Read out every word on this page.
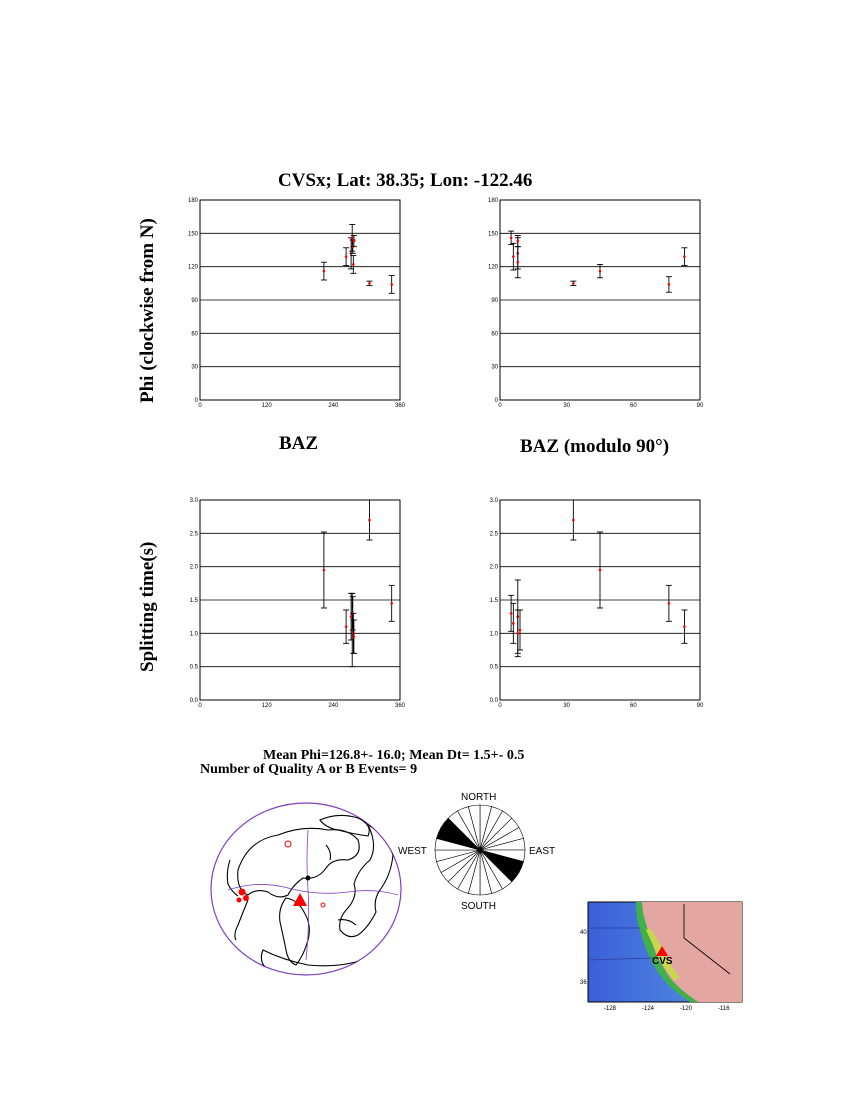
CVSx; Lat: 38.35; Lon: -122.46
Phi (clockwise from N)
Splitting time(s)
BAZ	BAZ (modulo 90°)
0
30
60
90
120
150
180
0	120	240	360
0
30
60
90
120
150
180
0	30	60	90
0.0
0.5
1.0
1.5
2.0
2.5
3.0
0	120	240	360
0.0
0.5
1.0
1.5
2.0
2.5
3.0
0	30	60	90
Mean Phi=126.8+- 16.0; Mean Dt= 1.5+- 0.5
Number of Quality A or B Events= 9
NORTH
SOUTH
EAST
WEST
CVS
40
36
-128	-124	-120	-116
